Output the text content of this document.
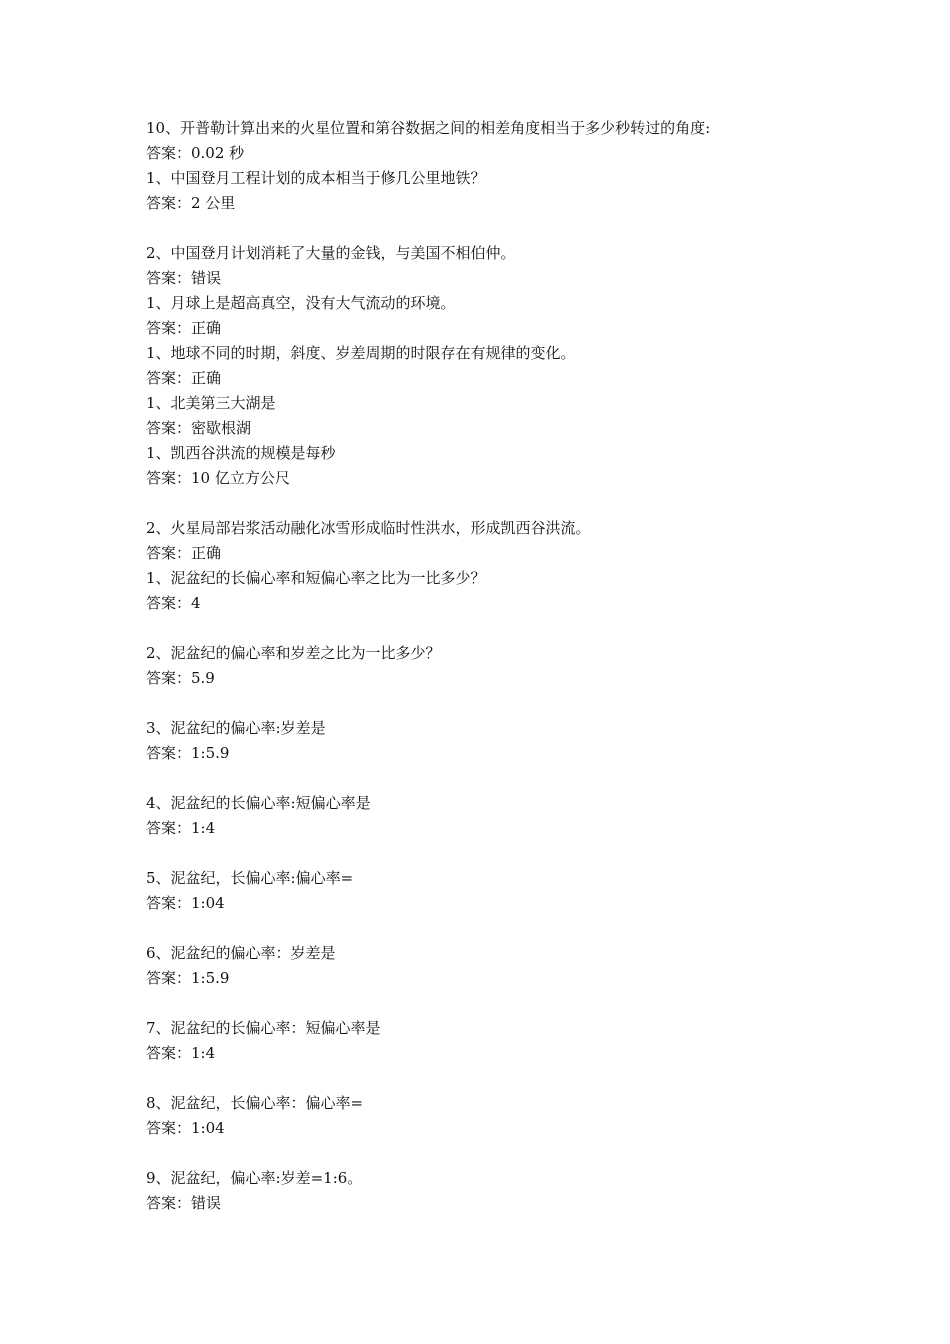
10、开普勒计算出来的火星位置和第谷数据之间的相差角度相当于多少秒转过的角度:
答案：0.02 秒
1、中国登月工程计划的成本相当于修几公里地铁？
答案：2 公里
2、中国登月计划消耗了大量的金钱，与美国不相伯仲。
答案：错误
1、月球上是超高真空，没有大气流动的环境。
答案：正确
1、地球不同的时期，斜度、岁差周期的时限存在有规律的变化。
答案：正确
1、北美第三大湖是
答案：密歇根湖
1、凯西谷洪流的规模是每秒
答案：10 亿立方公尺
2、火星局部岩浆活动融化冰雪形成临时性洪水，形成凯西谷洪流。
答案：正确
1、泥盆纪的长偏心率和短偏心率之比为一比多少？
答案：4
2、泥盆纪的偏心率和岁差之比为一比多少？
答案：5.9
3、泥盆纪的偏心率:岁差是
答案：1:5.9
4、泥盆纪的长偏心率:短偏心率是
答案：1:4
5、泥盆纪，长偏心率:偏心率=
答案：1:04
6、泥盆纪的偏心率：岁差是
答案：1:5.9
7、泥盆纪的长偏心率：短偏心率是
答案：1:4
8、泥盆纪，长偏心率：偏心率=
答案：1:04
9、泥盆纪，偏心率:岁差=1:6。
答案：错误
